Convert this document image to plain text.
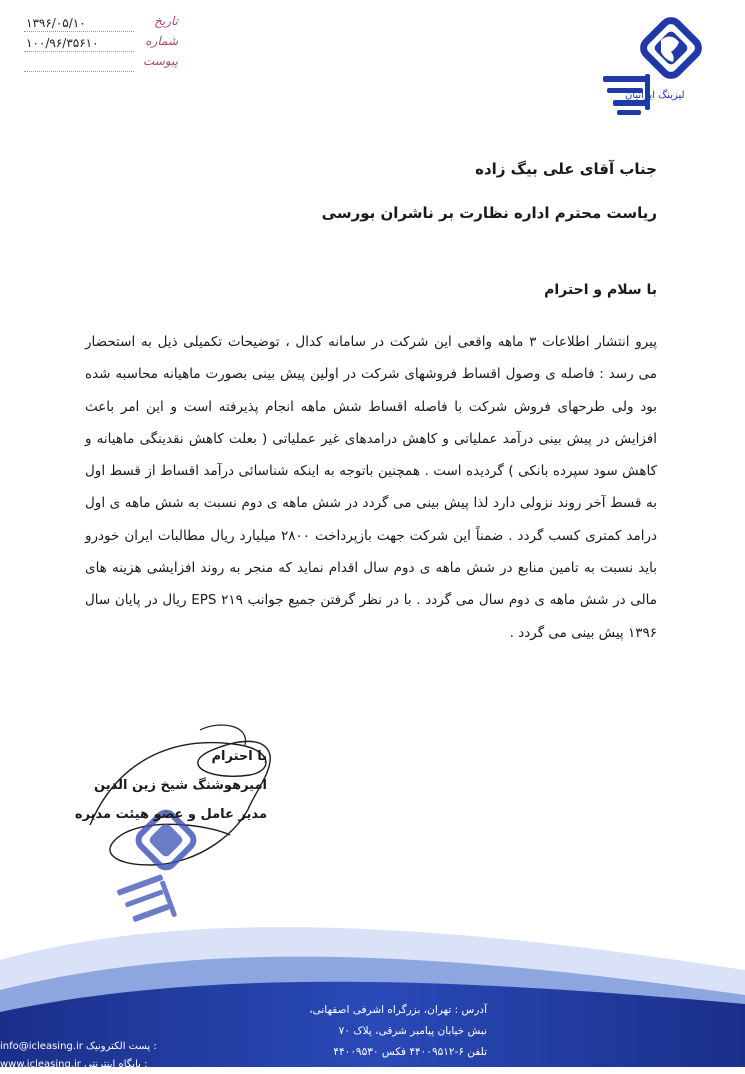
۱۳۹۶/۰۵/۱۰	تاریخ
۱۰۰/۹۶/۳۵۶۱۰	شماره
پیوست
لیزینگ ایرانیان
جناب آقای علی بیگ زاده
ریاست محترم اداره نظارت بر ناشران بورسی
با سلام و احترام
پیرو انتشار اطلاعات ۳ ماهه واقعی این شرکت در سامانه کدال ، توضیحات تکمیلی ذیل به استحضار می رسد : فاصله ی وصول اقساط فروشهای شرکت در اولین پیش بینی بصورت ماهیانه محاسبه شده بود ولی طرحهای فروش شرکت با فاصله اقساط شش ماهه انجام پذیرفته است و این امر باعث افزایش در پیش بینی درآمد عملیاتی و کاهش درامدهای غیر عملیاتی ( بعلت کاهش نقدینگی ماهیانه و کاهش سود سپرده بانکی ) گردیده است . همچنین باتوجه به اینکه شناسائی درآمد اقساط از قسط اول به قسط آخر روند نزولی دارد لذا پیش بینی می گردد در شش ماهه ی دوم نسبت به شش ماهه ی اول درامد کمتری کسب گردد . ضمناً این شرکت جهت بازپرداخت ۲۸۰۰ میلیارد ریال مطالبات ایران خودرو باید نسبت به تامین منابع در شش ماهه ی دوم سال اقدام نماید که منجر به روند افزایشی هزینه های مالی در شش ماهه ی دوم سال می گردد . با در نظر گرفتن جمیع جوانب EPS ۲۱۹ ریال در پایان سال ۱۳۹۶ پیش بینی می گردد .
با احترام
امیرهوشنگ شیخ زین الدین
مدیر عامل و عضو هیئت مدیره
آدرس : تهران، بزرگراه اشرفی اصفهانی،
نبش خیابان پیامبر شرقی، پلاک ۷۰
تلفن ۶-۴۴۰۰۹۵۱۲ فکس ۴۴۰۰۹۵۳۰
info@icleasing.ir پست الکترونیک :
www.icleasing.ir پایگاه اینترنتی :
